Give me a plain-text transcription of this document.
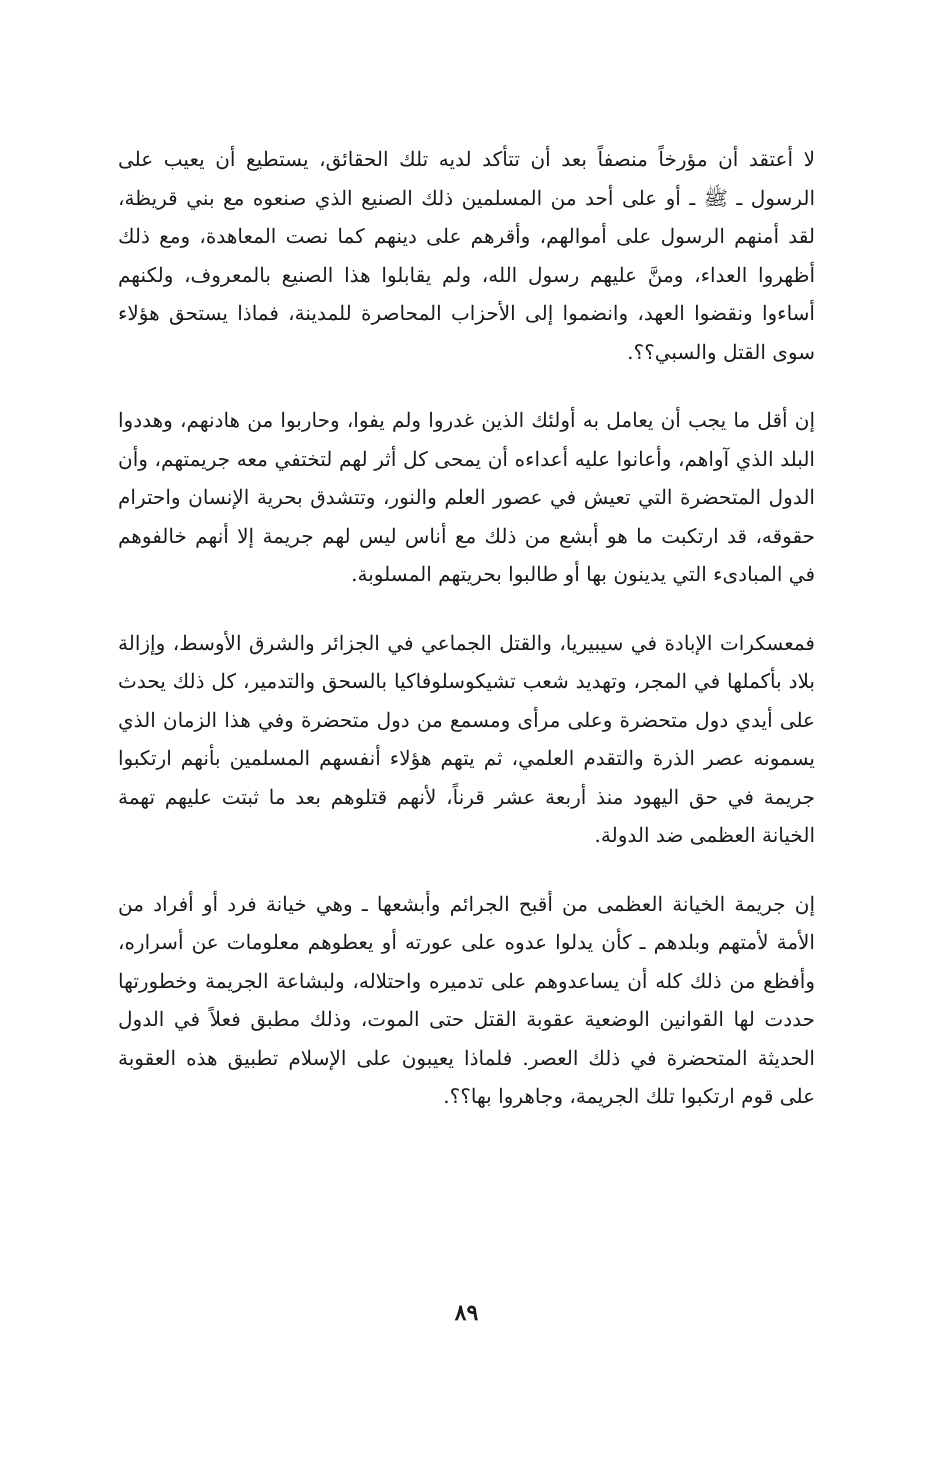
لا أعتقد أن مؤرخاً منصفاً بعد أن تتأكد لديه تلك الحقائق، يستطيع أن يعيب على الرسول ـ ﷺ ـ أو على أحد من المسلمين ذلك الصنيع الذي صنعوه مع بني قريظة، لقد أمنهم الرسول على أموالهم، وأقرهم على دينهم كما نصت المعاهدة، ومع ذلك أظهروا العداء، ومنَّ عليهم رسول الله، ولم يقابلوا هذا الصنيع بالمعروف، ولكنهم أساءوا ونقضوا العهد، وانضموا إلى الأحزاب المحاصرة للمدينة، فماذا يستحق هؤلاء سوى القتل والسبي؟؟.

إن أقل ما يجب أن يعامل به أولئك الذين غدروا ولم يفوا، وحاربوا من هادنهم، وهددوا البلد الذي آواهم، وأعانوا عليه أعداءه أن يمحى كل أثر لهم لتختفي معه جريمتهم، وأن الدول المتحضرة التي تعيش في عصور العلم والنور، وتتشدق بحرية الإنسان واحترام حقوقه، قد ارتكبت ما هو أبشع من ذلك مع أناس ليس لهم جريمة إلا أنهم خالفوهم في المبادىء التي يدينون بها أو طالبوا بحريتهم المسلوبة.

فمعسكرات الإبادة في سيبيريا، والقتل الجماعي في الجزائر والشرق الأوسط، وإزالة بلاد بأكملها في المجر، وتهديد شعب تشيكوسلوفاكيا بالسحق والتدمير، كل ذلك يحدث على أيدي دول متحضرة وعلى مرأى ومسمع من دول متحضرة وفي هذا الزمان الذي يسمونه عصر الذرة والتقدم العلمي، ثم يتهم هؤلاء أنفسهم المسلمين بأنهم ارتكبوا جريمة في حق اليهود منذ أربعة عشر قرناً، لأنهم قتلوهم بعد ما ثبتت عليهم تهمة الخيانة العظمى ضد الدولة.

إن جريمة الخيانة العظمى من أقبح الجرائم وأبشعها ـ وهي خيانة فرد أو أفراد من الأمة لأمتهم وبلدهم ـ كأن يدلوا عدوه على عورته أو يعطوهم معلومات عن أسراره، وأفظع من ذلك كله أن يساعدوهم على تدميره واحتلاله، ولبشاعة الجريمة وخطورتها حددت لها القوانين الوضعية عقوبة القتل حتى الموت، وذلك مطبق فعلاً في الدول الحديثة المتحضرة في ذلك العصر. فلماذا يعيبون على الإسلام تطبيق هذه العقوبة على قوم ارتكبوا تلك الجريمة، وجاهروا بها؟؟.

٨٩
